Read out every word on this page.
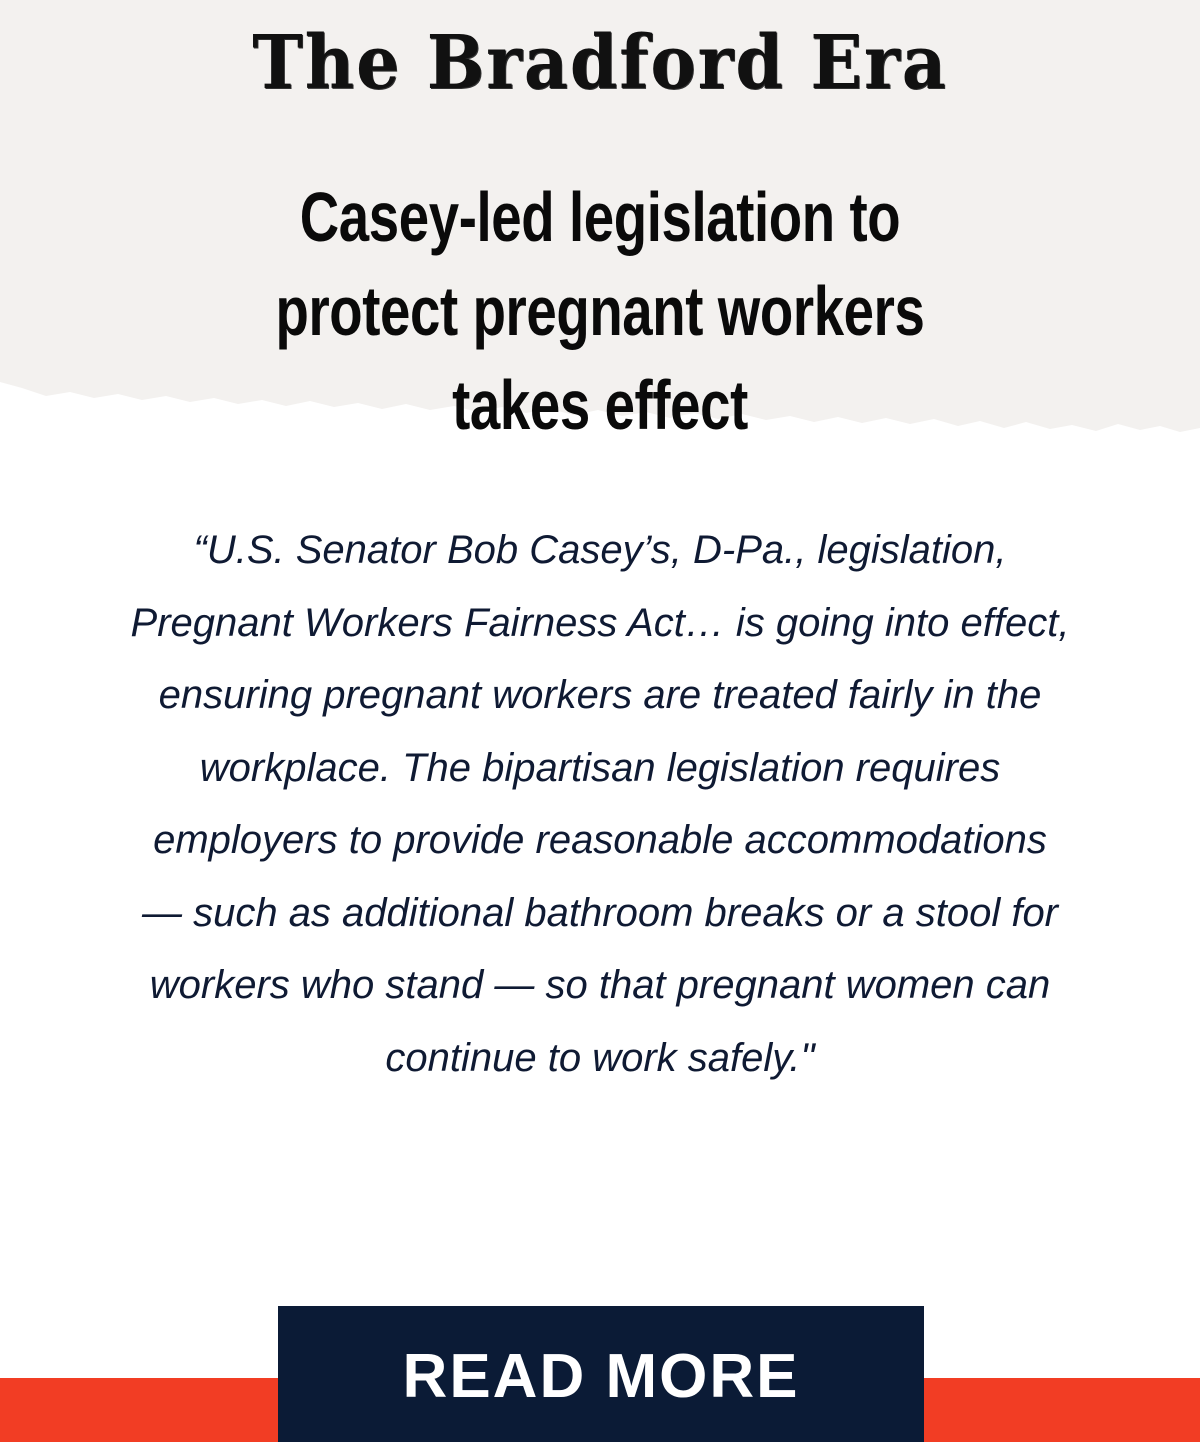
The Bradford Era
Casey-led legislation to protect pregnant workers takes effect
“U.S. Senator Bob Casey’s, D-Pa., legislation, Pregnant Workers Fairness Act… is going into effect, ensuring pregnant workers are treated fairly in the workplace. The bipartisan legislation requires employers to provide reasonable accommodations — such as additional bathroom breaks or a stool for workers who stand — so that pregnant women can continue to work safely."
READ MORE
